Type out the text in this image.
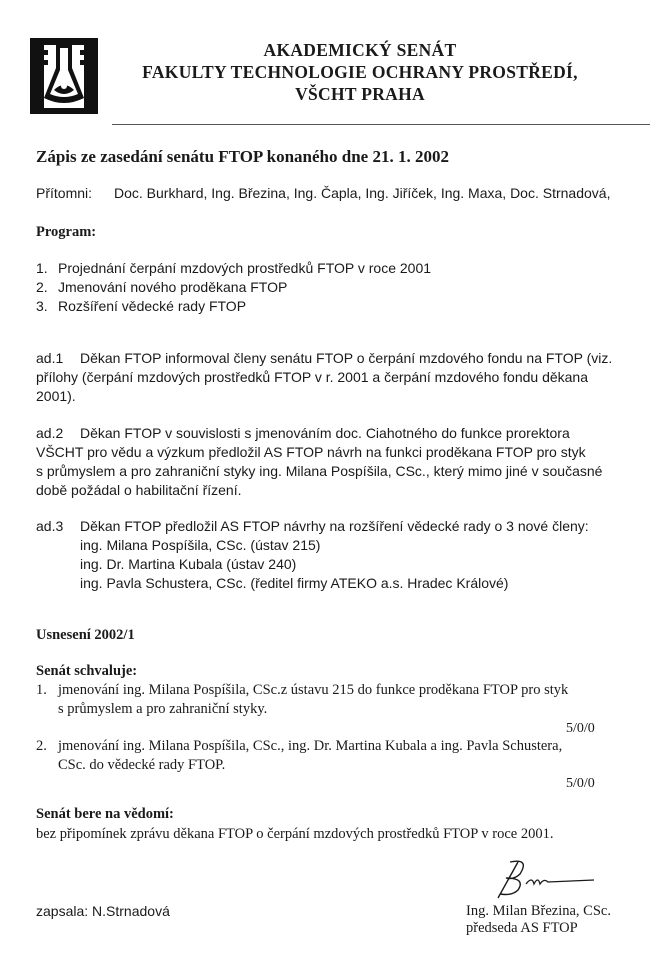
AKADEMICKÝ SENÁT
FAKULTY TECHNOLOGIE OCHRANY PROSTŘEDÍ,
VŠCHT PRAHA
Zápis ze zasedání senátu FTOP konaného dne 21. 1. 2002
Přítomni: Doc. Burkhard, Ing. Březina, Ing. Čapla, Ing. Jiříček, Ing. Maxa, Doc. Strnadová,
Program:
1. Projednání čerpání mzdových prostředků FTOP v roce 2001
2. Jmenování nového proděkana FTOP
3. Rozšíření vědecké rady FTOP
ad.1 Děkan FTOP informoval členy senátu FTOP o čerpání mzdového fondu na FTOP (viz.
přílohy (čerpání mzdových prostředků FTOP v r. 2001 a čerpání mzdového fondu děkana
2001).
ad.2 Děkan FTOP v souvislosti s jmenováním doc. Ciahotného do funkce prorektora
VŠCHT pro vědu a výzkum předložil AS FTOP návrh na funkci proděkana FTOP pro styk
s průmyslem a pro zahraniční styky ing. Milana Pospíšila, CSc., který mimo jiné v současné
době požádal o habilitační řízení.
ad.3 Děkan FTOP předložil AS FTOP návrhy na rozšíření vědecké rady o 3 nové členy:
ing. Milana Pospíšila, CSc. (ústav 215)
ing. Dr. Martina Kubala (ústav 240)
ing. Pavla Schustera, CSc. (ředitel firmy ATEKO a.s. Hradec Králové)
Usnesení 2002/1
Senát schvaluje:
1. jmenování ing. Milana Pospíšila, CSc.z ústavu 215 do funkce proděkana FTOP pro styk
s průmyslem a pro zahraniční styky.
5/0/0
2. jmenování ing. Milana Pospíšila, CSc., ing. Dr. Martina Kubala a ing. Pavla Schustera,
CSc. do vědecké rady FTOP.
5/0/0
Senát bere na vědomí:
bez připomínek zprávu děkana FTOP o čerpání mzdových prostředků FTOP v roce 2001.
zapsala: N.Strnadová	Ing. Milan Březina, CSc.
předseda AS FTOP
